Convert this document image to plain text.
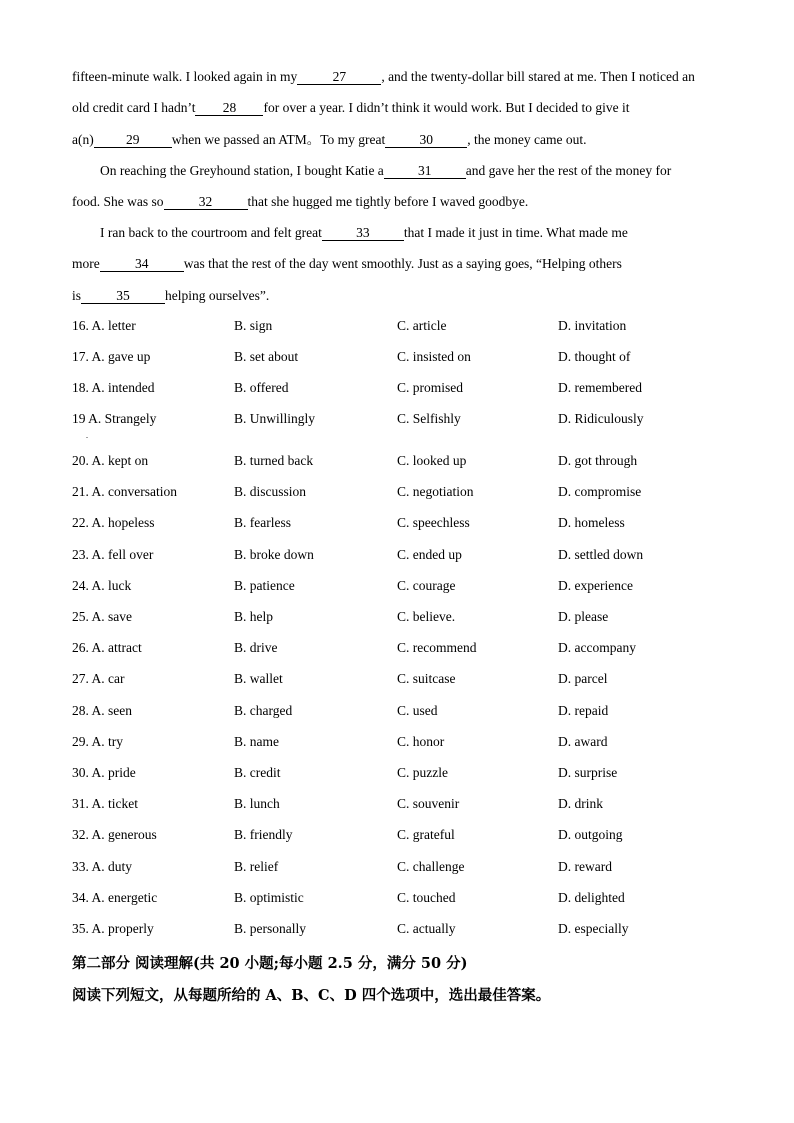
fifteen-minute walk. I looked again in my	27	, and the twenty-dollar bill stared at me. Then I noticed an
old credit card I hadn’t 28 for over a year. I didn’t think it would work. But I decided to give it
a(n) 29 when we passed an ATM。To my great	30	, the money came out.
On reaching the Greyhound station, I bought Katie a	31	and gave her the rest of the money for
food. She was so	32	that she hugged me tightly before I waved goodbye.
I ran back to the courtroom and felt great	33	that I made it just in time. What made me
more	34	was that the rest of the day went smoothly. Just as a saying goes, “Helping others
is	35	helping ourselves”.
16. A. letter	B. sign	C. article	D. invitation
17. A. gave up	B. set about	C. insisted on	D. thought of
18. A. intended	B. offered	C. promised	D. remembered
19 A. Strangely	B. Unwillingly	C. Selfishly	D. Ridiculously
20. A. kept on	B. turned back	C. looked up	D. got through
21. A. conversation	B. discussion	C. negotiation	D. compromise
22. A. hopeless	B. fearless	C. speechless	D. homeless
23. A. fell over	B. broke down	C. ended up	D. settled down
24. A. luck	B. patience	C. courage	D. experience
25. A. save	B. help	C. believe.	D. please
26. A. attract	B. drive	C. recommend	D. accompany
27. A. car	B. wallet	C. suitcase	D. parcel
28. A. seen	B. charged	C. used	D. repaid
29. A. try	B. name	C. honor	D. award
30. A. pride	B. credit	C. puzzle	D. surprise
31. A. ticket	B. lunch	C. souvenir	D. drink
32. A. generous	B. friendly	C. grateful	D. outgoing
33. A. duty	B. relief	C. challenge	D. reward
34. A. energetic	B. optimistic	C. touched	D. delighted
35. A. properly	B. personally	C. actually	D. especially
.
第二部分 阅读理解(共 20 小题;每小题 2.5 分，满分 50 分)
阅读下列短文，从每题所给的 A、B、C、D 四个选项中，选出最佳答案。
